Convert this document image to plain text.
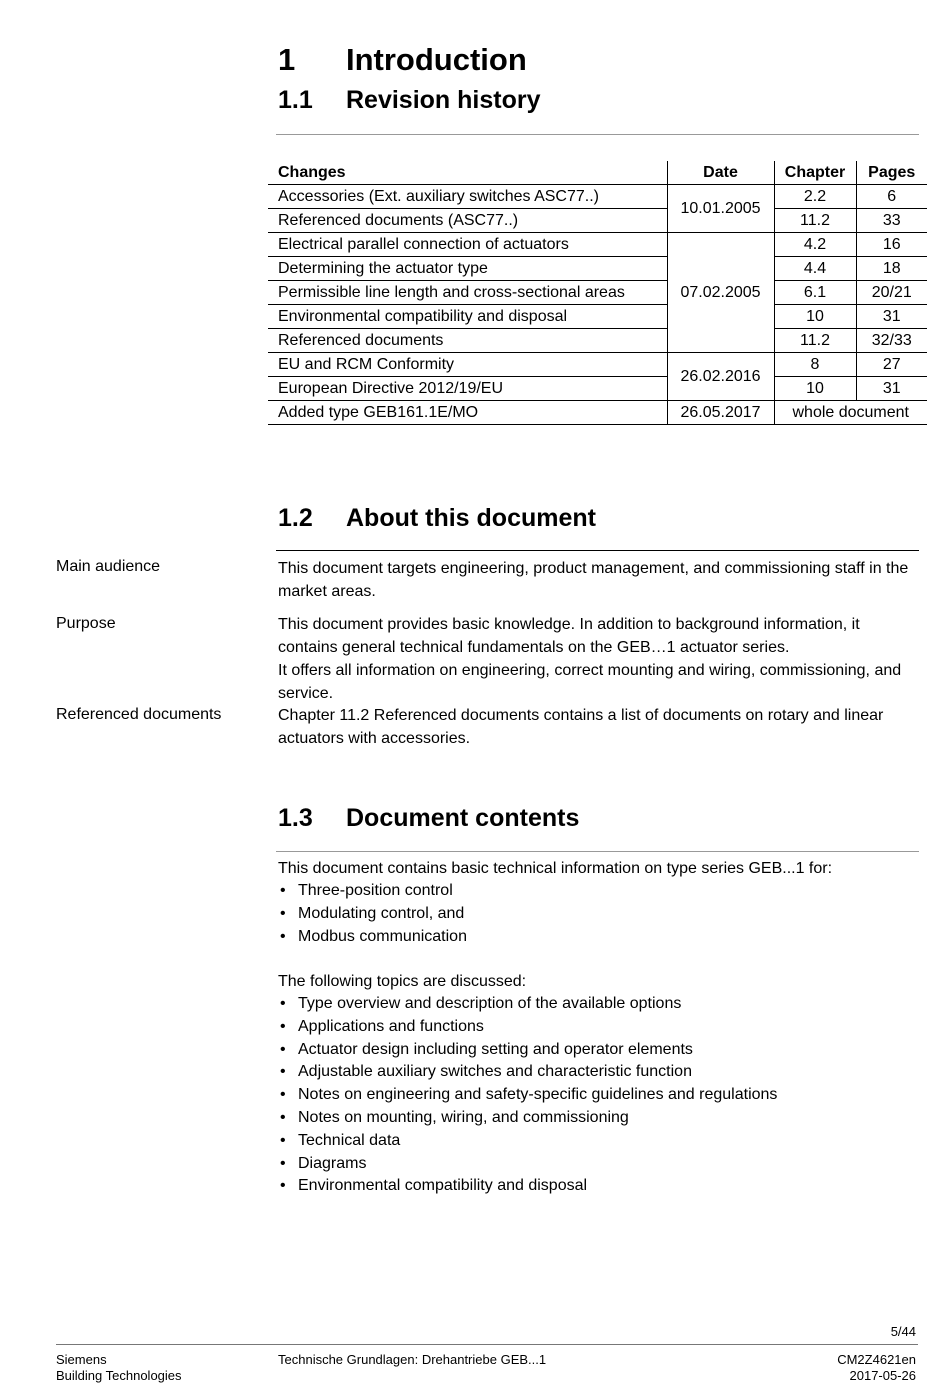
1 Introduction
1.1 Revision history
Changes	Date	Chapter	Pages
Accessories (Ext. auxiliary switches ASC77..)	10.01.2005	2.2	6
Referenced documents (ASC77..)		11.2	33
Electrical parallel connection of actuators	07.02.2005	4.2	16
Determining the actuator type		4.4	18
Permissible line length and cross-sectional areas		6.1	20/21
Environmental compatibility and disposal		10	31
Referenced documents		11.2	32/33
EU and RCM Conformity	26.02.2016	8	27
European Directive 2012/19/EU		10	31
Added type GEB161.1E/MO	26.05.2017	whole document	
1.2 About this document
Main audience	This document targets engineering, product management, and commissioning staff in the market areas.
Purpose	This document provides basic knowledge. In addition to background information, it contains general technical fundamentals on the GEB…1 actuator series.
It offers all information on engineering, correct mounting and wiring, commissioning, and service.
Referenced documents	Chapter 11.2 Referenced documents contains a list of documents on rotary and linear actuators with accessories.
1.3 Document contents
This document contains basic technical information on type series GEB...1 for:
• Three-position control
• Modulating control, and
• Modbus communication
The following topics are discussed:
• Type overview and description of the available options
• Applications and functions
• Actuator design including setting and operator elements
• Adjustable auxiliary switches and characteristic function
• Notes on engineering and safety-specific guidelines and regulations
• Notes on mounting, wiring, and commissioning
• Technical data
• Diagrams
• Environmental compatibility and disposal
5/44
Siemens
Building Technologies
Technische Grundlagen: Drehantriebe GEB...1	CM2Z4621en
2017-05-26
